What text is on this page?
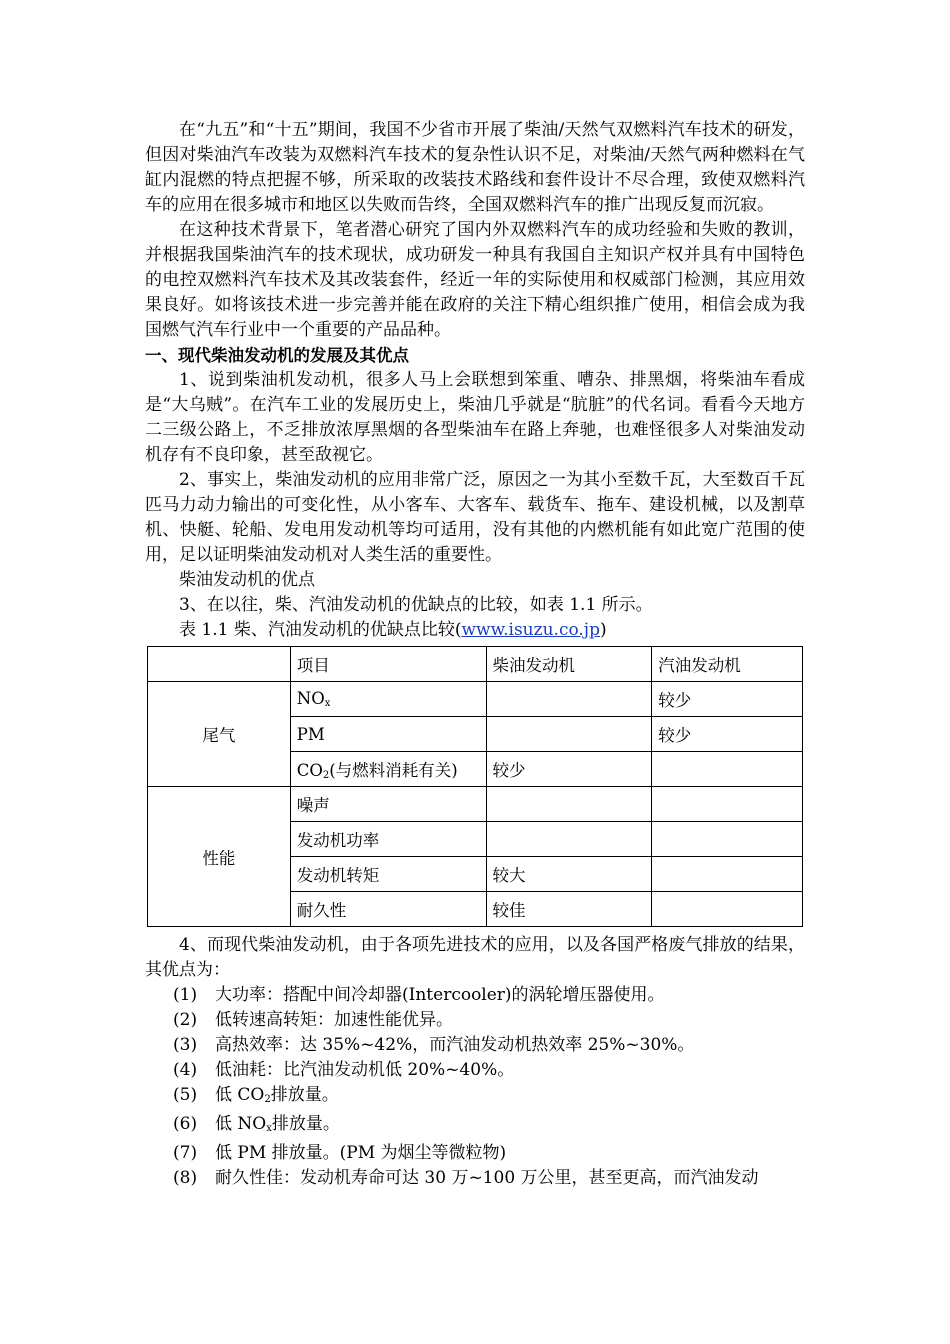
在“九五”和“十五”期间，我国不少省市开展了柴油/天然气双燃料汽车技术的研发，但因对柴油汽车改装为双燃料汽车技术的复杂性认识不足，对柴油/天然气两种燃料在气缸内混燃的特点把握不够，所采取的改装技术路线和套件设计不尽合理，致使双燃料汽车的应用在很多城市和地区以失败而告终，全国双燃料汽车的推广出现反复而沉寂。

在这种技术背景下，笔者潜心研究了国内外双燃料汽车的成功经验和失败的教训，并根据我国柴油汽车的技术现状，成功研发一种具有我国自主知识产权并具有中国特色的电控双燃料汽车技术及其改装套件，经近一年的实际使用和权威部门检测，其应用效果良好。如将该技术进一步完善并能在政府的关注下精心组织推广使用，相信会成为我国燃气汽车行业中一个重要的产品品种。

一、现代柴油发动机的发展及其优点

1、说到柴油机发动机，很多人马上会联想到笨重、嘈杂、排黑烟，将柴油车看成是“大乌贼”。在汽车工业的发展历史上，柴油几乎就是“肮脏”的代名词。看看今天地方二三级公路上，不乏排放浓厚黑烟的各型柴油车在路上奔驰，也难怪很多人对柴油发动机存有不良印象，甚至敌视它。

2、事实上，柴油发动机的应用非常广泛，原因之一为其小至数千瓦，大至数百千瓦匹马力动力输出的可变化性，从小客车、大客车、载货车、拖车、建设机械，以及割草机、快艇、轮船、发电用发动机等均可适用，没有其他的内燃机能有如此宽广范围的使用，足以证明柴油发动机对人类生活的重要性。

柴油发动机的优点

3、在以往，柴、汽油发动机的优缺点的比较，如表 1.1 所示。

表 1.1 柴、汽油发动机的优缺点比较(www.isuzu.co.jp)

	项目	柴油发动机	汽油发动机
尾气	$NO_x$		较少
	PM		较少
	$CO_2$(与燃料消耗有关)	较少	
性能	噪声		
	发动机功率		
	发动机转矩	较大	
	耐久性	较佳	

4、而现代柴油发动机，由于各项先进技术的应用，以及各国严格废气排放的结果，其优点为：

(1) 大功率：搭配中间冷却器(Intercooler)的涡轮增压器使用。

(2) 低转速高转矩：加速性能优异。

(3) 高热效率：达 35%~42%，而汽油发动机热效率 25%~30%。

(4) 低油耗：比汽油发动机低 20%~40%。

(5) 低 $CO_2$排放量。

(6) 低 $NO_x$排放量。

(7) 低 PM 排放量。(PM 为烟尘等微粒物)

(8) 耐久性佳：发动机寿命可达 30 万~100 万公里，甚至更高，而汽油发动
